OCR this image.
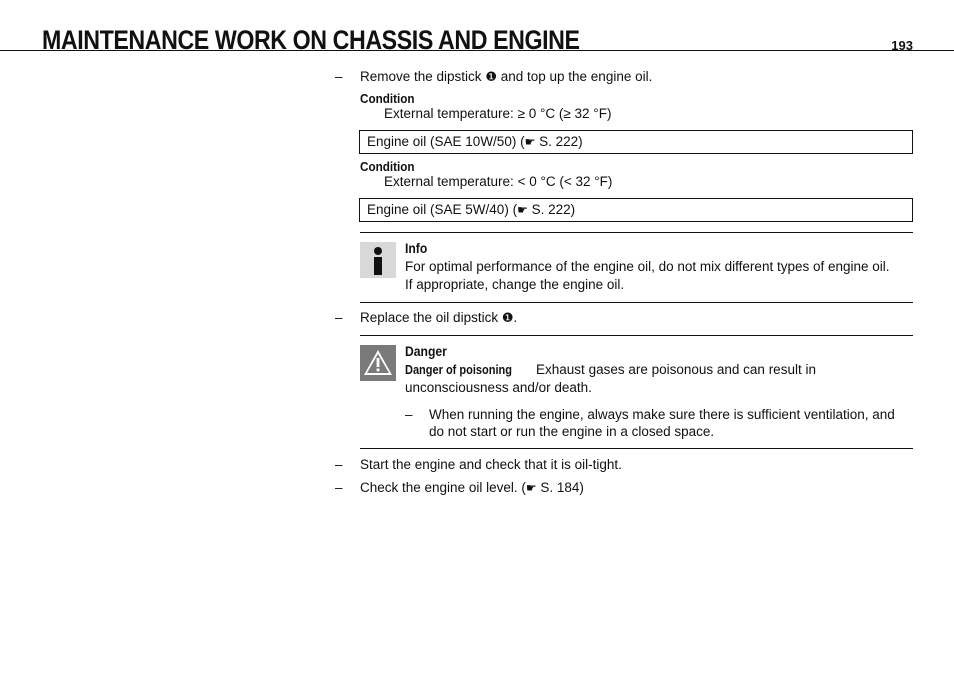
MAINTENANCE WORK ON CHASSIS AND ENGINE	193
– Remove the dipstick ❶ and top up the engine oil.
Condition
External temperature: ≥ 0 °C (≥ 32 °F)
Engine oil (SAE 10W/50) (☛ S. 222)
Condition
External temperature: < 0 °C (< 32 °F)
Engine oil (SAE 5W/40) (☛ S. 222)
Info
For optimal performance of the engine oil, do not mix different types of engine oil.
If appropriate, change the engine oil.
– Replace the oil dipstick ❶.
Danger
Danger of poisoning  Exhaust gases are poisonous and can result in unconsciousness and/or death.
– When running the engine, always make sure there is sufficient ventilation, and do not start or run the engine in a closed space.
– Start the engine and check that it is oil-tight.
– Check the engine oil level. (☛ S. 184)
